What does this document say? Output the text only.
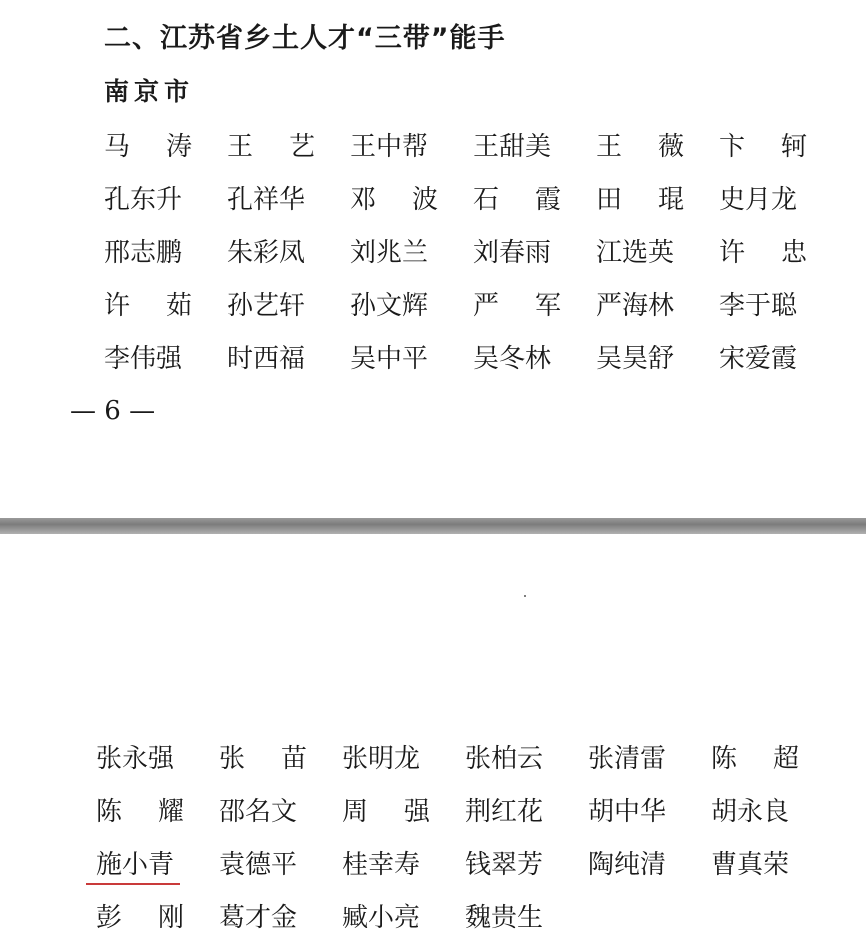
二、江苏省乡土人才“三带”能手
南京市
马　涛 王　艺 王中帮	王甜美	王　薇 卞　轲
孔东升	孔祥华	邓　波 石　霞 田　琨 史月龙
邢志鹏	朱彩凤	刘兆兰	刘春雨	江选英	许　忠
许　茹 孙艺轩	孙文辉	严　军 严海林	李于聪
李伟强	时西福	吴中平	吴冬林	吴昊舒	宋爱霞
— 6 —
张永强	张　苗 张明龙	张柏云	张清雷	陈　超
陈　耀 邵名文	周　强 荆红花	胡中华	胡永良
施小青	袁德平	桂幸寿	钱翠芳	陶纯清	曹真荣
彭　刚 葛才金	臧小亮	魏贵生
